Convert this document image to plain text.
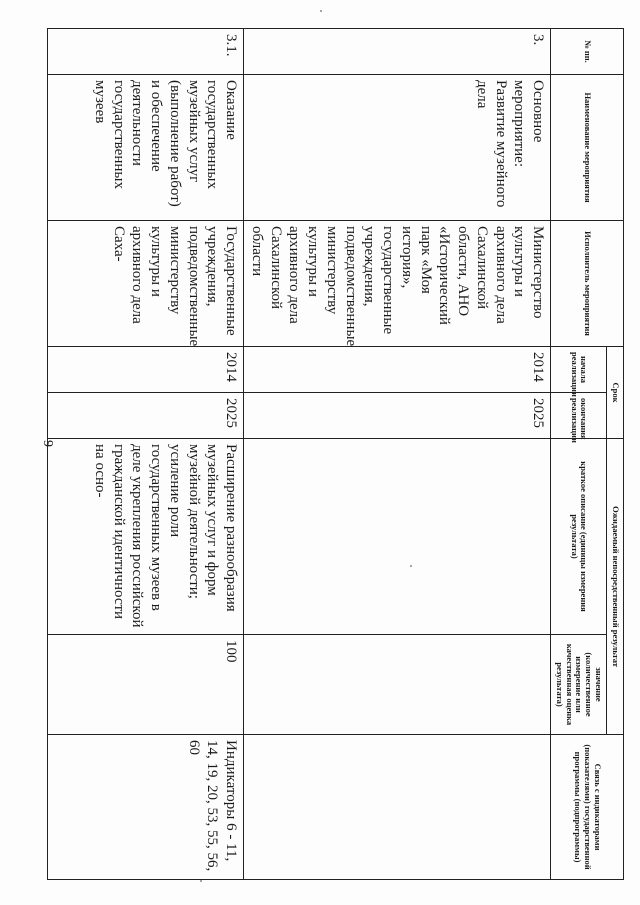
9
№ пп.	Наименование мероприятия	Исполнитель мероприятия	Срок		Ожидаемый непосредственный результат		Связь с индикаторами (показателями) государственной программы (подпрограммы)
			начала реализации	окончания реализации	краткое описание (единицы измерения результата)	значение (количественное измерение или качественная оценка результата)	
3.	Основное мероприятие: Развитие музейного дела	Министерство культуры и архивного дела Сахалинской области, АНО «Исторический парк «Моя история», государственные учреждения, подведомственные министерству культуры и архивного дела Сахалинской области	2014	2025			
3.1.	Оказание государственных музейных услуг (выполнение работ) и обеспечение деятельности государственных музеев	Государственные учреждения, подведомственные министерству культуры и архивного дела Саха-	2014	2025	Расширение разнообразия музейных услуг и форм музейной деятельности; усиление роли государственных музеев в деле укрепления российской гражданской идентичности на осно-	100	Индикаторы 6 - 11, 14, 19, 20, 53, 55, 56, 60
